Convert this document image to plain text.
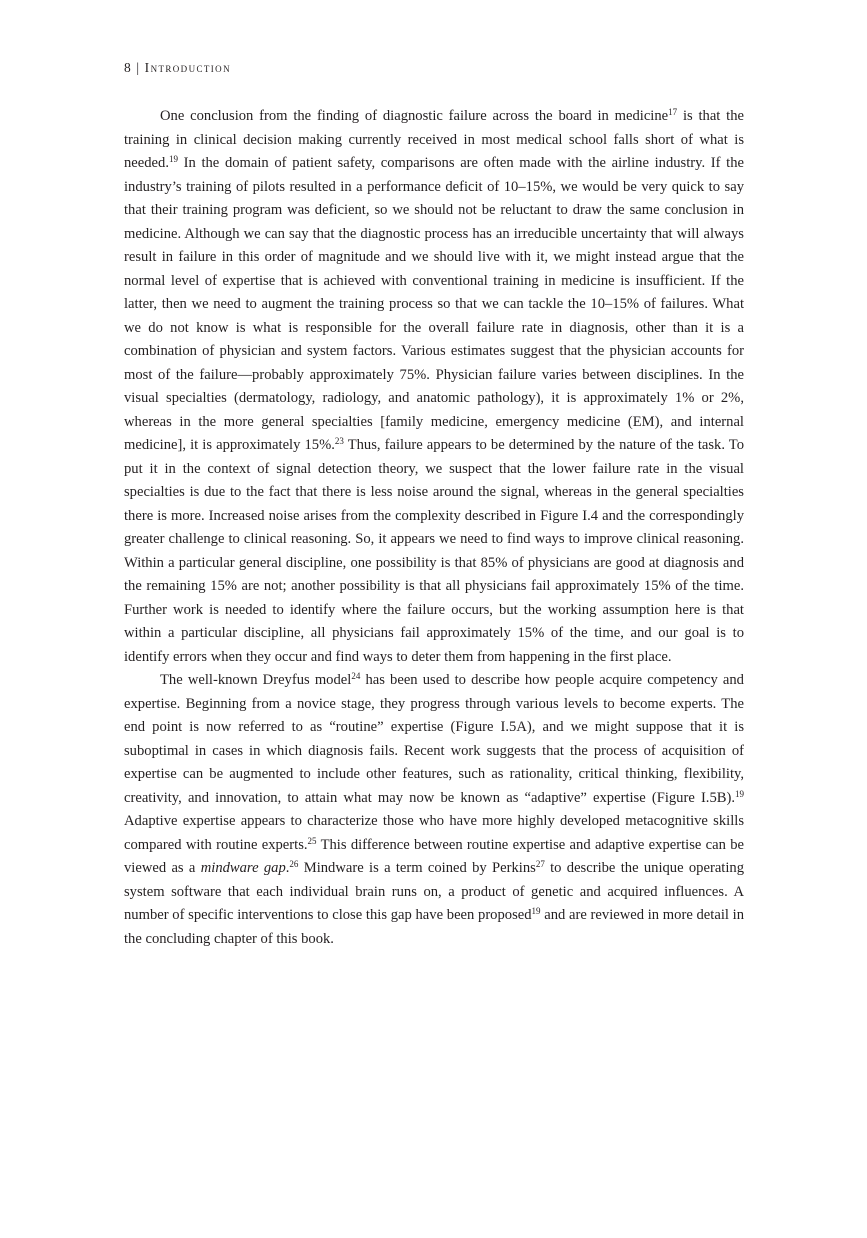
8 | Introduction

One conclusion from the finding of diagnostic failure across the board in medicine$^{17}$ is that the training in clinical decision making currently received in most medical school falls short of what is needed.$^{19}$ In the domain of patient safety, comparisons are often made with the airline industry. If the industry’s training of pilots resulted in a performance deficit of 10–15%, we would be very quick to say that their training program was deficient, so we should not be reluctant to draw the same conclusion in medicine. Although we can say that the diagnostic process has an irreducible uncertainty that will always result in failure in this order of magnitude and we should live with it, we might instead argue that the normal level of expertise that is achieved with conventional training in medicine is insufficient. If the latter, then we need to augment the training process so that we can tackle the 10–15% of failures. What we do not know is what is responsible for the overall failure rate in diagnosis, other than it is a combination of physician and system factors. Various estimates suggest that the physician accounts for most of the failure—probably approximately 75%. Physician failure varies between disciplines. In the visual specialties (dermatology, radiology, and anatomic pathology), it is approximately 1% or 2%, whereas in the more general specialties [family medicine, emergency medicine (EM), and internal medicine], it is approximately 15%.$^{23}$ Thus, failure appears to be determined by the nature of the task. To put it in the context of signal detection theory, we suspect that the lower failure rate in the visual specialties is due to the fact that there is less noise around the signal, whereas in the general specialties there is more. Increased noise arises from the complexity described in Figure I.4 and the correspondingly greater challenge to clinical reasoning. So, it appears we need to find ways to improve clinical reasoning. Within a particular general discipline, one possibility is that 85% of physicians are good at diagnosis and the remaining 15% are not; another possibility is that all physicians fail approximately 15% of the time. Further work is needed to identify where the failure occurs, but the working assumption here is that within a particular discipline, all physicians fail approximately 15% of the time, and our goal is to identify errors when they occur and find ways to deter them from happening in the first place.

The well-known Dreyfus model$^{24}$ has been used to describe how people acquire competency and expertise. Beginning from a novice stage, they progress through various levels to become experts. The end point is now referred to as “routine” expertise (Figure I.5A), and we might suppose that it is suboptimal in cases in which diagnosis fails. Recent work suggests that the process of acquisition of expertise can be augmented to include other features, such as rationality, critical thinking, flexibility, creativity, and innovation, to attain what may now be known as “adaptive” expertise (Figure I.5B).$^{19}$ Adaptive expertise appears to characterize those who have more highly developed metacognitive skills compared with routine experts.$^{25}$ This difference between routine expertise and adaptive expertise can be viewed as a mindware gap.$^{26}$ Mindware is a term coined by Perkins$^{27}$ to describe the unique operating system software that each individual brain runs on, a product of genetic and acquired influences. A number of specific interventions to close this gap have been proposed$^{19}$ and are reviewed in more detail in the concluding chapter of this book.
